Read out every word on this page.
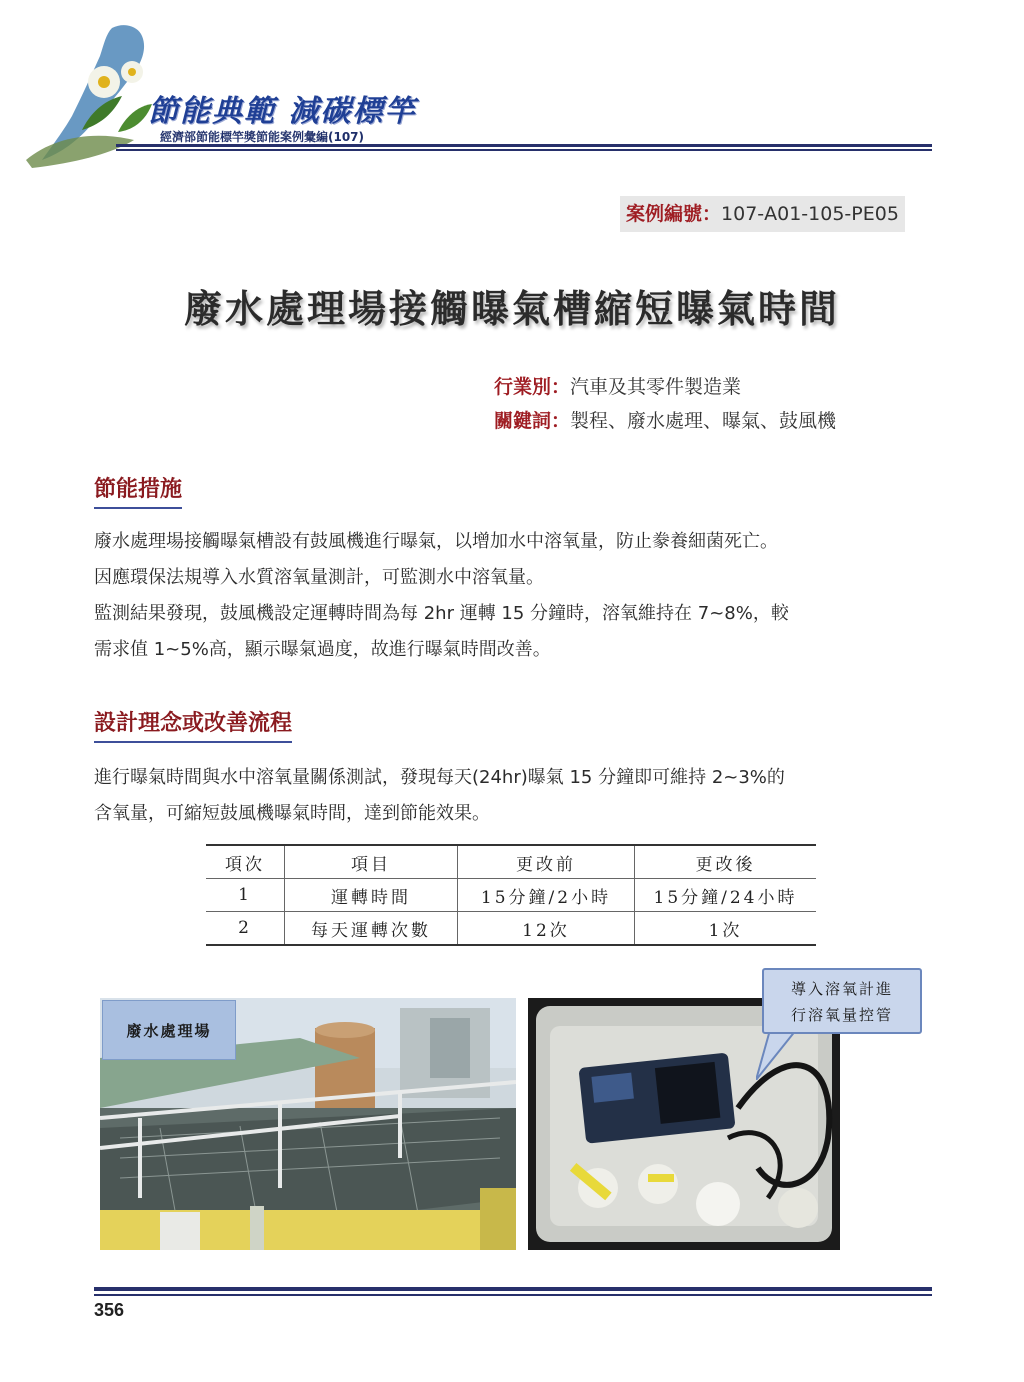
節能典範 減碳標竿
經濟部節能標竿獎節能案例彙編(107)
案例編號：107-A01-105-PE05
廢水處理場接觸曝氣槽縮短曝氣時間
行業別：汽車及其零件製造業
關鍵詞：製程、廢水處理、曝氣、鼓風機
節能措施
廢水處理場接觸曝氣槽設有鼓風機進行曝氣，以增加水中溶氧量，防止豢養細菌死亡。
因應環保法規導入水質溶氧量測計，可監測水中溶氧量。
監測結果發現，鼓風機設定運轉時間為每 2hr 運轉 15 分鐘時，溶氧維持在 7~8%，較
需求值 1~5%高，顯示曝氣過度，故進行曝氣時間改善。
設計理念或改善流程
進行曝氣時間與水中溶氧量關係測試，發現每天(24hr)曝氣 15 分鐘即可維持 2~3%的
含氧量，可縮短鼓風機曝氣時間，達到節能效果。
項次	項目	更改前	更改後
1	運轉時間	15分鐘/2小時	15分鐘/24小時
2	每天運轉次數	12次	1次
廢水處理場
導入溶氧計進
行溶氧量控管
356
